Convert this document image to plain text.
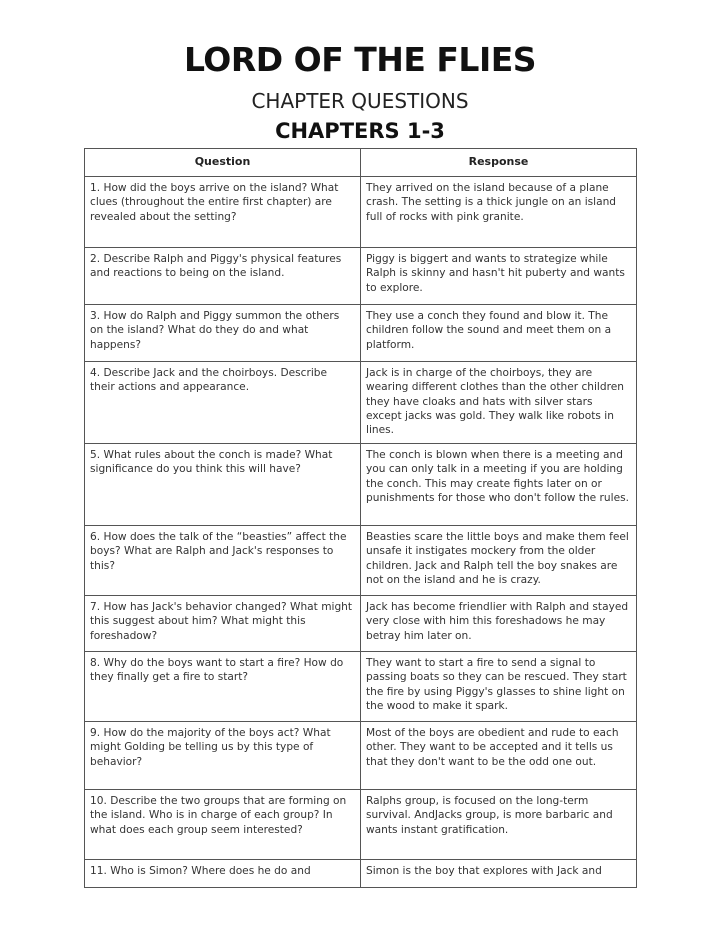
LORD OF THE FLIES
CHAPTER QUESTIONS
CHAPTERS 1-3
Question	Response
1. How did the boys arrive on the island? What clues (throughout the entire first chapter) are revealed about the setting?	They arrived on the island because of a plane crash. The setting is a thick jungle on an island full of rocks with pink granite.
2. Describe Ralph and Piggy's physical features and reactions to being on the island.	Piggy is biggert and wants to strategize while Ralph is skinny and hasn't hit puberty and wants to explore.
3. How do Ralph and Piggy summon the others on the island? What do they do and what happens?	They use a conch they found and blow it. The children follow the sound and meet them on a platform.
4. Describe Jack and the choirboys. Describe their actions and appearance.	Jack is in charge of the choirboys, they are wearing different clothes than the other children they have cloaks and hats with silver stars except jacks was gold. They walk like robots in lines.
5. What rules about the conch is made? What significance do you think this will have?	The conch is blown when there is a meeting and you can only talk in a meeting if you are holding the conch. This may create fights later on or punishments for those who don't follow the rules.
6. How does the talk of the “beasties” affect the boys? What are Ralph and Jack's responses to this?	Beasties scare the little boys and make them feel unsafe it instigates mockery from the older children. Jack and Ralph tell the boy snakes are not on the island and he is crazy.
7. How has Jack's behavior changed? What might this suggest about him? What might this foreshadow?	Jack has become friendlier with Ralph and stayed very close with him this foreshadows he may betray him later on.
8. Why do the boys want to start a fire? How do they finally get a fire to start?	They want to start a fire to send a signal to passing boats so they can be rescued. They start the fire by using Piggy's glasses to shine light on the wood to make it spark.
9. How do the majority of the boys act? What might Golding be telling us by this type of behavior?	Most of the boys are obedient and rude to each other. They want to be accepted and it tells us that they don't want to be the odd one out.
10. Describe the two groups that are forming on the island. Who is in charge of each group? In what does each group seem interested?	Ralphs group, is focused on the long-term survival. AndJacks group, is more barbaric and wants instant gratification.
11. Who is Simon? Where does he do and	Simon is the boy that explores with Jack and
